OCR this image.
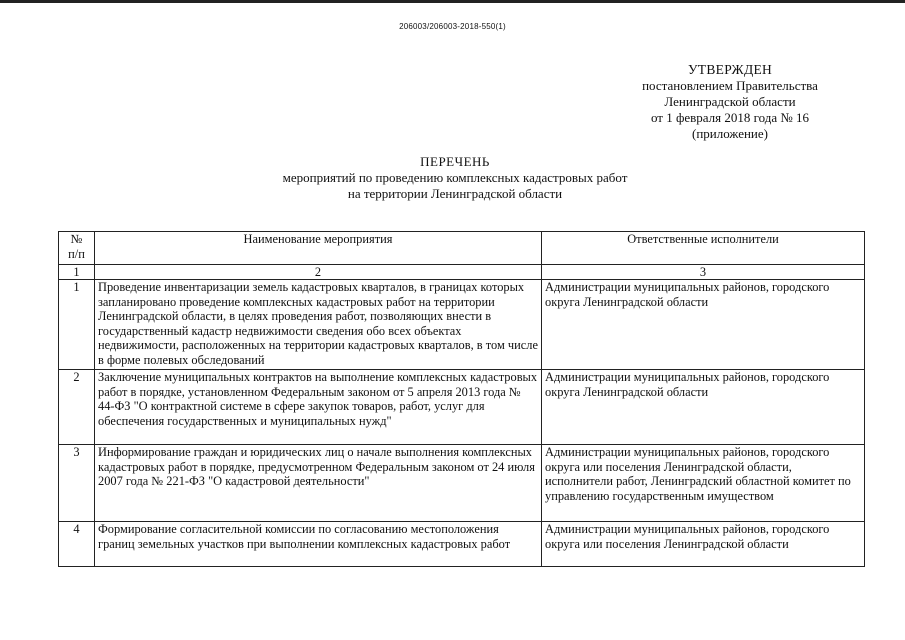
206003/206003-2018-550(1)
УТВЕРЖДЕН
постановлением Правительства
Ленинградской области
от 1 февраля 2018 года № 16
(приложение)
ПЕРЕЧЕНЬ
мероприятий по проведению комплексных кадастровых работ
на территории Ленинградской области
№
п/п	Наименование мероприятия	Ответственные исполнители
1	2	3
1	Проведение инвентаризации земель кадастровых кварталов, в границах которых запланировано проведение комплексных кадастровых работ на территории Ленинградской области, в целях проведения работ, позволяющих внести в государственный кадастр недвижимости сведения обо всех объектах недвижимости, расположенных на территории кадастровых кварталов, в том числе в форме полевых обследований	Администрации муниципальных районов, городского округа Ленинградской области
2	Заключение муниципальных контрактов на выполнение комплексных кадастровых работ в порядке, установленном Федеральным законом от 5 апреля 2013 года № 44-ФЗ "О контрактной системе в сфере закупок товаров, работ, услуг для обеспечения государственных и муниципальных нужд"	Администрации муниципальных районов, городского округа Ленинградской области
3	Информирование граждан и юридических лиц о начале выполнения комплексных кадастровых работ в порядке, предусмотренном Федеральным законом от 24 июля 2007 года № 221-ФЗ "О кадастровой деятельности"	Администрации муниципальных районов, городского округа или поселения Ленинградской области, исполнители работ, Ленинградский областной комитет по управлению государственным имуществом
4	Формирование согласительной комиссии по согласованию местоположения границ земельных участков при выполнении комплексных кадастровых работ	Администрации муниципальных районов, городского округа или поселения Ленинградской области
